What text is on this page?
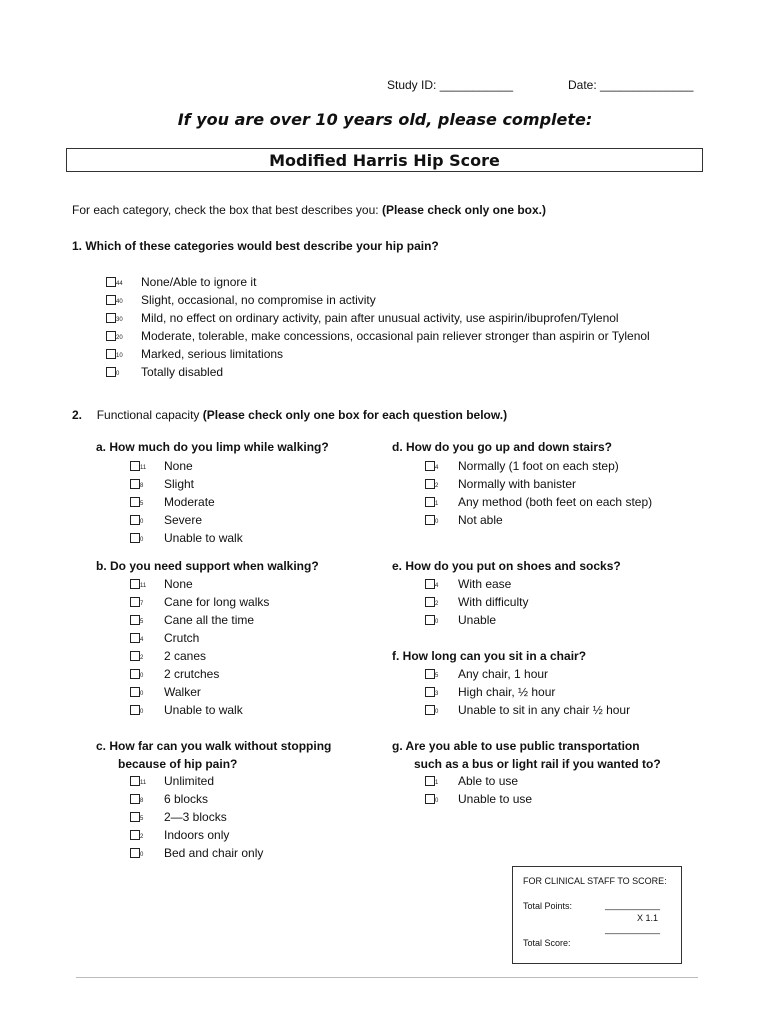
Study ID: ___________	Date: ______________
If you are over 10 years old, please complete:
Modified Harris Hip Score
For each category, check the box that best describes you: (Please check only one box.)
1. Which of these categories would best describe your hip pain?
44 None/Able to ignore it
40 Slight, occasional, no compromise in activity
30 Mild, no effect on ordinary activity, pain after unusual activity, use aspirin/ibuprofen/Tylenol
20 Moderate, tolerable, make concessions, occasional pain reliever stronger than aspirin or Tylenol
10 Marked, serious limitations
0 Totally disabled
2. Functional capacity (Please check only one box for each question below.)
a. How much do you limp while walking?	d. How do you go up and down stairs?
b. Do you need support when walking?	e. How do you put on shoes and socks?
f. How long can you sit in a chair?
c. How far can you walk without stopping
because of hip pain?
g. Are you able to use public transportation
such as a bus or light rail if you wanted to?
11 None
8 Slight
5 Moderate
0 Severe
0 Unable to walk
4 Normally (1 foot on each step)
2 Normally with banister
1 Any method (both feet on each step)
0 Not able
11 None
7 Cane for long walks
5 Cane all the time
4 Crutch
2 2 canes
0 2 crutches
0 Walker
0 Unable to walk
4 With ease
2 With difficulty
0 Unable
5 Any chair, 1 hour
3 High chair, ½ hour
0 Unable to sit in any chair ½ hour
11 Unlimited
8 6 blocks
5 2—3 blocks
2 Indoors only
0 Bed and chair only
1 Able to use
0 Unable to use
FOR CLINICAL STAFF TO SCORE:
Total Points:	___________
X 1.1
___________
Total Score:
